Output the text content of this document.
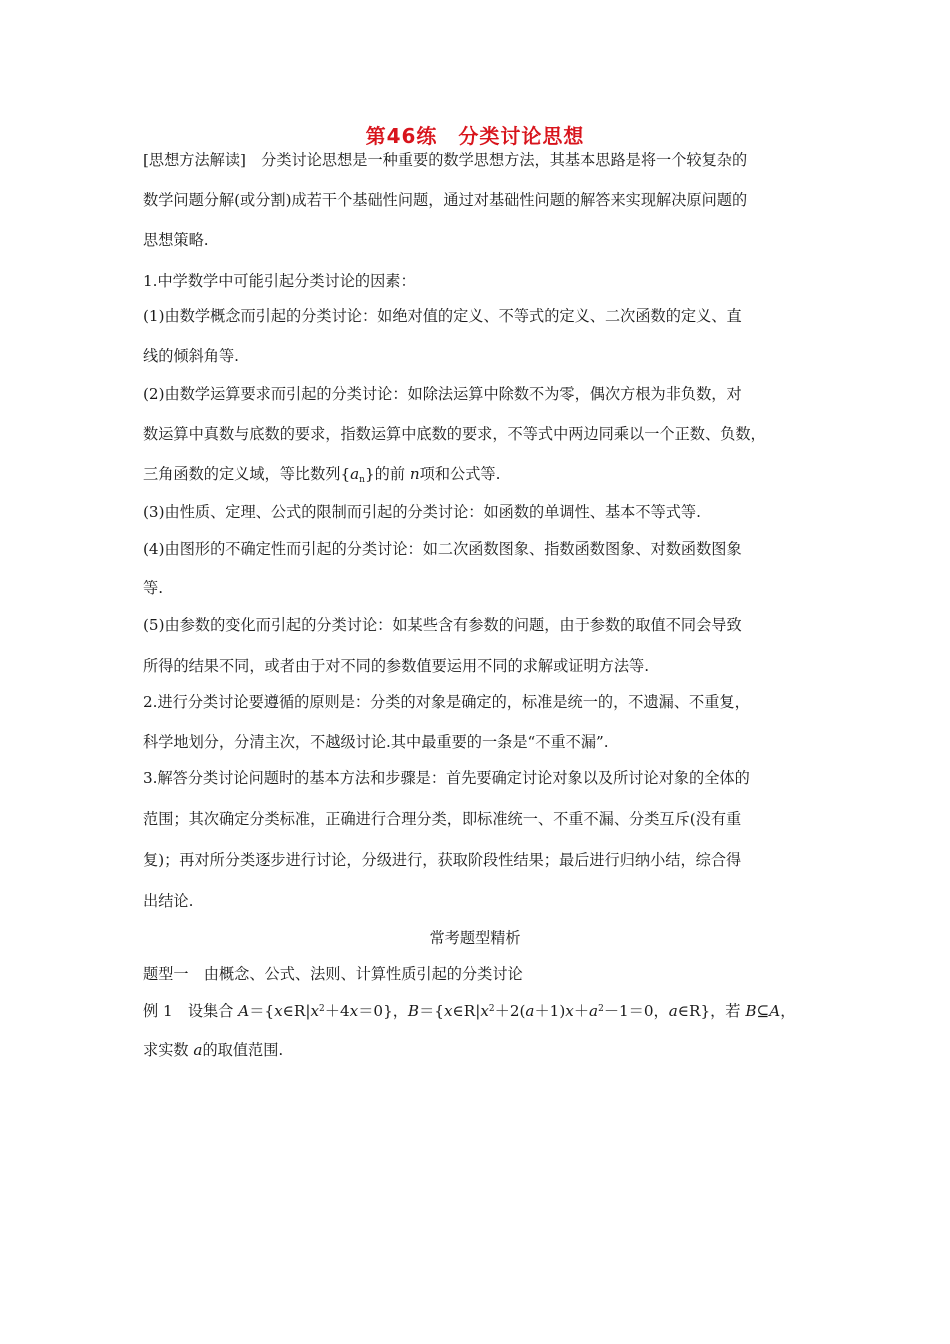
第46练　分类讨论思想
[思想方法解读]　分类讨论思想是一种重要的数学思想方法，其基本思路是将一个较复杂的
数学问题分解(或分割)成若干个基础性问题，通过对基础性问题的解答来实现解决原问题的
思想策略.
1.中学数学中可能引起分类讨论的因素：
(1)由数学概念而引起的分类讨论：如绝对值的定义、不等式的定义、二次函数的定义、直
线的倾斜角等.
(2)由数学运算要求而引起的分类讨论：如除法运算中除数不为零，偶次方根为非负数，对
数运算中真数与底数的要求，指数运算中底数的要求，不等式中两边同乘以一个正数、负数，
三角函数的定义域，等比数列$\{a_n\}$的前 n项和公式等.
(3)由性质、定理、公式的限制而引起的分类讨论：如函数的单调性、基本不等式等.
(4)由图形的不确定性而引起的分类讨论：如二次函数图象、指数函数图象、对数函数图象
等.
(5)由参数的变化而引起的分类讨论：如某些含有参数的问题，由于参数的取值不同会导致
所得的结果不同，或者由于对不同的参数值要运用不同的求解或证明方法等.
2.进行分类讨论要遵循的原则是：分类的对象是确定的，标准是统一的，不遗漏、不重复，
科学地划分，分清主次，不越级讨论.其中最重要的一条是“不重不漏”.
3.解答分类讨论问题时的基本方法和步骤是：首先要确定讨论对象以及所讨论对象的全体的
范围；其次确定分类标准，正确进行合理分类，即标准统一、不重不漏、分类互斥(没有重
复)；再对所分类逐步进行讨论，分级进行，获取阶段性结果；最后进行归纳小结，综合得
出结论.
常考题型精析
题型一　由概念、公式、法则、计算性质引起的分类讨论
例 1　设集合 $A=\{x\in R|x^2+4x=0\}$，$B=\{x\in R|x^2+2(a+1)x+a^2-1=0$，a∈R}，若 B⊆A，
求实数 a的取值范围.
